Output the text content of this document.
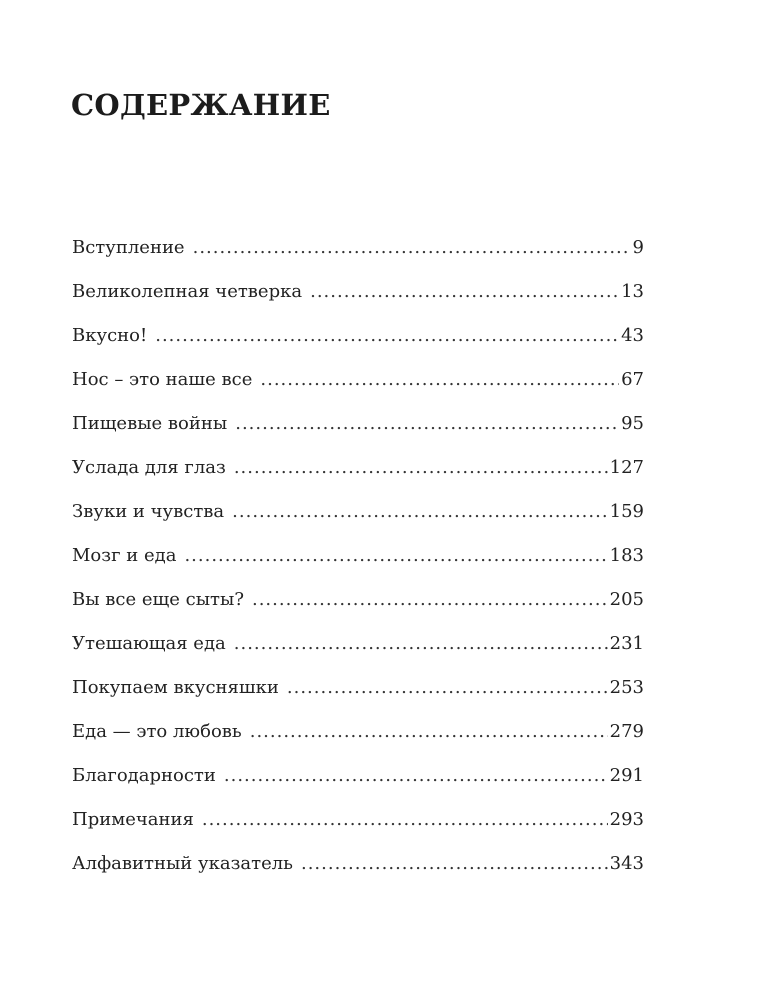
СОДЕРЖАНИЕ
Вступление .....	9
Великолепная четверка .....	13
Вкусно! .....	43
Нос – это наше все .....	67
Пищевые войны .....	95
Услада для глаз .....	127
Звуки и чувства .....	159
Мозг и еда .....	183
Вы все еще сыты? .....	205
Утешающая еда .....	231
Покупаем вкусняшки .....	253
Еда — это любовь .....	279
Благодарности .....	291
Примечания .....	293
Алфавитный указатель .....	343
